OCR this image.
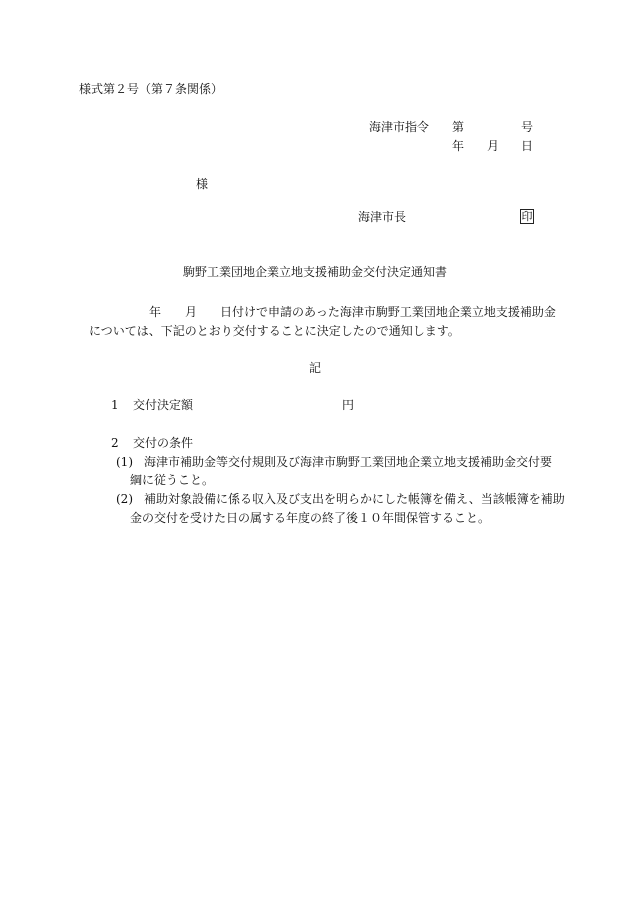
様式第２号（第７条関係）
海津市指令 第	号
年 月 日
様
海津市長	印
駒野工業団地企業立地支援補助金交付決定通知書
年 月 日付けで申請のあった海津市駒野工業団地企業立地支援補助金
については、下記のとおり交付することに決定したので通知します。
記
1 交付決定額	円
2 交付の条件
(1) 海津市補助金等交付規則及び海津市駒野工業団地企業立地支援補助金交付要
綱に従うこと。
(2) 補助対象設備に係る収入及び支出を明らかにした帳簿を備え、当該帳簿を補助
金の交付を受けた日の属する年度の終了後１０年間保管すること。
